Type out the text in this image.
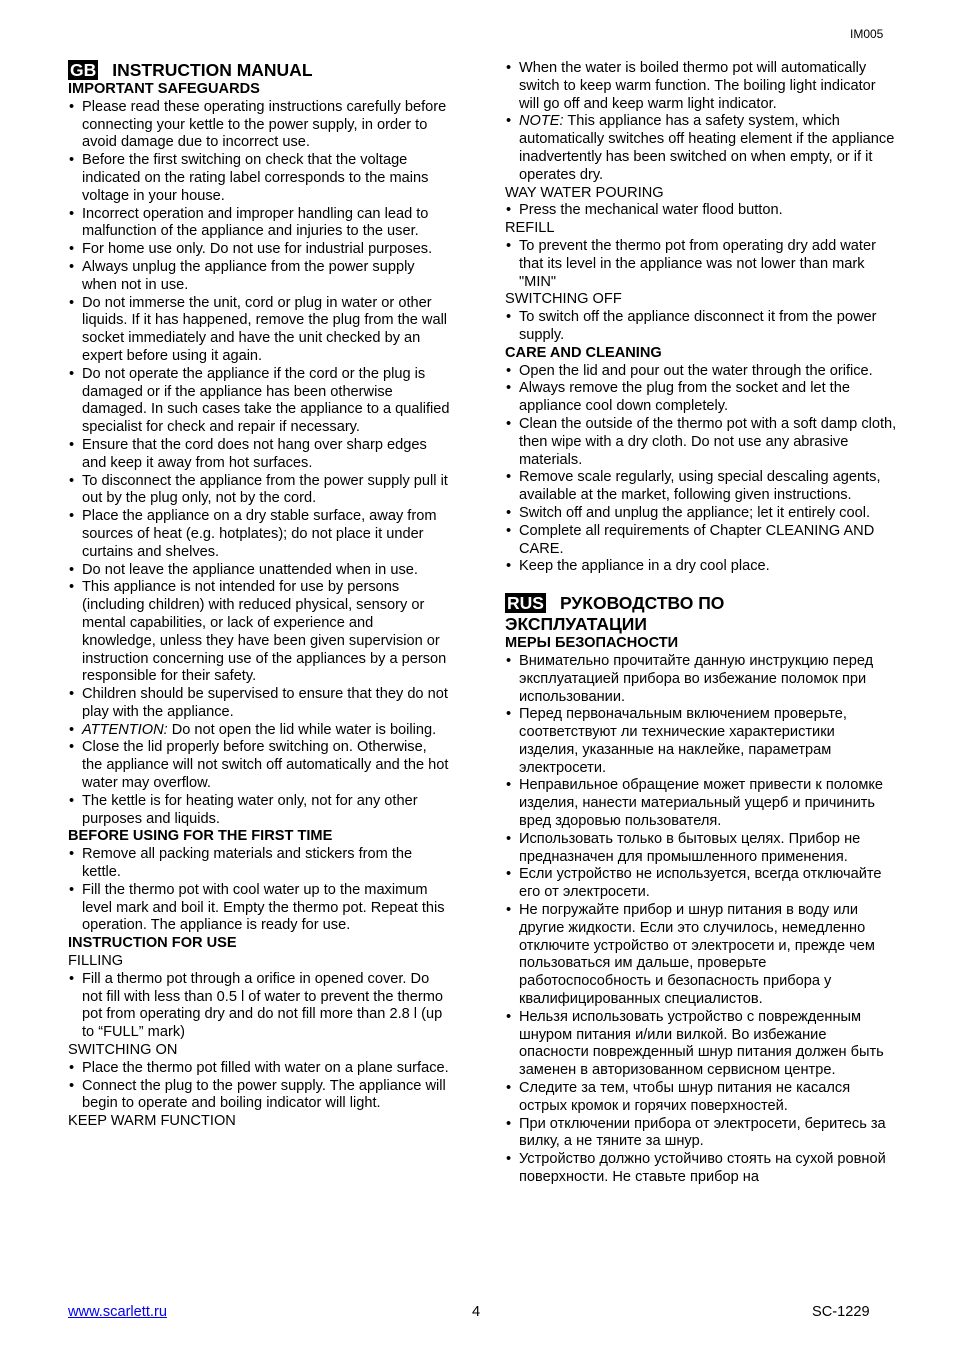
IM005
GB INSTRUCTION MANUAL
IMPORTANT SAFEGUARDS
• Please read these operating instructions carefully before connecting your kettle to the power supply, in order to avoid damage due to incorrect use.
• Before the first switching on check that the voltage indicated on the rating label corresponds to the mains voltage in your house.
• Incorrect operation and improper handling can lead to malfunction of the appliance and injuries to the user.
• For home use only. Do not use for industrial purposes.
• Always unplug the appliance from the power supply when not in use.
• Do not immerse the unit, cord or plug in water or other liquids. If it has happened, remove the plug from the wall socket immediately and have the unit checked by an expert before using it again.
• Do not operate the appliance if the cord or the plug is damaged or if the appliance has been otherwise damaged. In such cases take the appliance to a qualified specialist for check and repair if necessary.
• Ensure that the cord does not hang over sharp edges and keep it away from hot surfaces.
• To disconnect the appliance from the power supply pull it out by the plug only, not by the cord.
• Place the appliance on a dry stable surface, away from sources of heat (e.g. hotplates); do not place it under curtains and shelves.
• Do not leave the appliance unattended when in use.
• This appliance is not intended for use by persons (including children) with reduced physical, sensory or mental capabilities, or lack of experience and knowledge, unless they have been given supervision or instruction concerning use of the appliances by a person responsible for their safety.
• Children should be supervised to ensure that they do not play with the appliance.
• ATTENTION: Do not open the lid while water is boiling.
• Close the lid properly before switching on. Otherwise, the appliance will not switch off automatically and the hot water may overflow.
• The kettle is for heating water only, not for any other purposes and liquids.
BEFORE USING FOR THE FIRST TIME
• Remove all packing materials and stickers from the kettle.
• Fill the thermo pot with cool water up to the maximum level mark and boil it. Empty the thermo pot. Repeat this operation. The appliance is ready for use.
INSTRUCTION FOR USE
FILLING
• Fill a thermo pot through a orifice in opened cover. Do not fill with less than 0.5 l of water to prevent the thermo pot from operating dry and do not fill more than 2.8 l (up to “FULL” mark)
SWITCHING ON
• Place the thermo pot filled with water on a plane surface.
• Connect the plug to the power supply. The appliance will begin to operate and boiling indicator will light.
KEEP WARM FUNCTION
• When the water is boiled thermo pot will automatically switch to keep warm function. The boiling light indicator will go off and keep warm light indicator.
• NOTE: This appliance has a safety system, which automatically switches off heating element if the appliance inadvertently has been switched on when empty, or if it operates dry.
WAY WATER POURING
• Press the mechanical water flood button.
REFILL
• To prevent the thermo pot from operating dry add water that its level in the appliance was not lower than mark "MIN"
SWITCHING OFF
• To switch off the appliance disconnect it from the power supply.
CARE AND CLEANING
• Open the lid and pour out the water through the orifice.
• Always remove the plug from the socket and let the appliance cool down completely.
• Clean the outside of the thermo pot with a soft damp cloth, then wipe with a dry cloth. Do not use any abrasive materials.
• Remove scale regularly, using special descaling agents, available at the market, following given instructions.
• Switch off and unplug the appliance; let it entirely cool.
• Complete all requirements of Chapter CLEANING AND CARE.
• Keep the appliance in a dry cool place.
RUS РУКОВОДСТВО ПО
ЭКСПЛУАТАЦИИ
МЕРЫ БЕЗОПАСНОСТИ
• Внимательно прочитайте данную инструкцию перед эксплуатацией прибора во избежание поломок при использовании.
• Перед первоначальным включением проверьте, соответствуют ли технические характеристики изделия, указанные на наклейке, параметрам электросети.
• Неправильное обращение может привести к поломке изделия, нанести материальный ущерб и причинить вред здоровью пользователя.
• Использовать только в бытовых целях. Прибор не предназначен для промышленного применения.
• Если устройство не используется, всегда отключайте его от электросети.
• Не погружайте прибор и шнур питания в воду или другие жидкости. Если это случилось, немедленно отключите устройство от электросети и, прежде чем пользоваться им дальше, проверьте работоспособность и безопасность прибора у квалифицированных специалистов.
• Нельзя использовать устройство с поврежденным шнуром питания и/или вилкой. Во избежание опасности поврежденный шнур питания должен быть заменен в авторизованном сервисном центре.
• Следите за тем, чтобы шнур питания не касался острых кромок и горячих поверхностей.
• При отключении прибора от электросети, беритесь за вилку, а не тяните за шнур.
• Устройство должно устойчиво стоять на сухой ровной поверхности. Не ставьте прибор на
www.scarlett.ru	4	SC-1229
